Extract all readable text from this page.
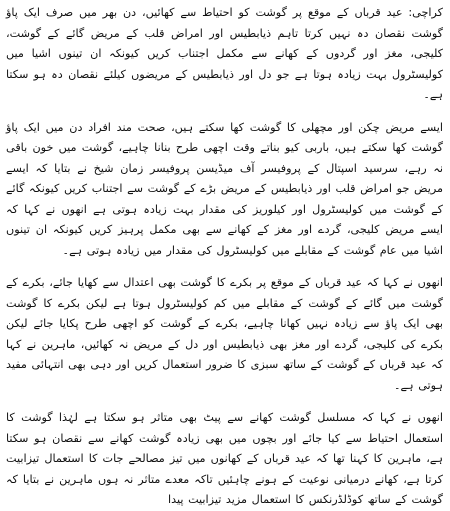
کراچی: عید قرباں کے موقع پر گوشت کو احتیاط سے کھائیں، دن بھر میں صرف ایک پاؤ گوشت نقصان دہ نہیں کرتا تاہم ذیابطیس اور امراض قلب کے مریض گائے کے گوشت، کلیجی، مغز اور گردوں کے کھانے سے مکمل اجتناب کریں کیونکہ ان تینوں اشیا میں کولیسٹرول بہت زیادہ ہوتا ہے جو دل اور ذیابطیس کے مریضوں کیلئے نقصان دہ ہو سکتا ہے۔

ایسے مریض چکن اور مچھلی کا گوشت کھا سکتے ہیں، صحت مند افراد دن میں ایک پاؤ گوشت کھا سکتے ہیں، باربی کیو بناتے وقت اچھی طرح بنانا چاہیے، گوشت میں خون باقی نہ رہے، سرسید اسپتال کے پروفیسر آف میڈیسن پروفیسر زمان شیخ نے بتایا کہ ایسے مریض جو امراض قلب اور ذیابطیس کے مریض بڑے کے گوشت سے اجتناب کریں کیونکہ گائے کے گوشت میں کولیسٹرول اور کیلوریز کی مقدار بہت زیادہ ہوتی ہے انھوں نے کہا کہ ایسے مریض کلیجی، گردے اور مغز کے کھانے سے بھی مکمل پرہیز کریں کیونکہ ان تینوں اشیا میں عام گوشت کے مقابلے میں کولیسٹرول کی مقدار میں زیادہ ہوتی ہے۔

انھوں نے کہا کہ عید قرباں کے موقع پر بکرے کا گوشت بھی اعتدال سے کھایا جائے، بکرے کے گوشت میں گائے کے گوشت کے مقابلے میں کم کولیسٹرول ہوتا ہے لیکن بکرے کا گوشت بھی ایک پاؤ سے زیادہ نہیں کھانا چاہیے، بکرے کے گوشت کو اچھی طرح پکایا جائے لیکن بکرے کی کلیجی، گردے اور مغز بھی ذیابطیس اور دل کے مریض نہ کھائیں، ماہرین نے کہا کہ عید قرباں کے گوشت کے ساتھ سبزی کا ضرور استعمال کریں اور دہی بھی انتہائی مفید ہوتی ہے۔

انھوں نے کہا کہ مسلسل گوشت کھانے سے پیٹ بھی متاثر ہو سکتا ہے لہٰذا گوشت کا استعمال احتیاط سے کیا جائے اور بچوں میں بھی زیادہ گوشت کھانے سے نقصان ہو سکتا ہے، ماہرین کا کہنا تھا کہ عید قرباں کے کھانوں میں تیز مصالحے جات کا استعمال تیزابیت کرتا ہے، کھانے درمیانی نوعیت کے ہونے چاہئیں تاکہ معدے متاثر نہ ہوں ماہرین نے بتایا کہ گوشت کے ساتھ کوڈلڈرنکس کا استعمال مزید تیزابیت پیدا
